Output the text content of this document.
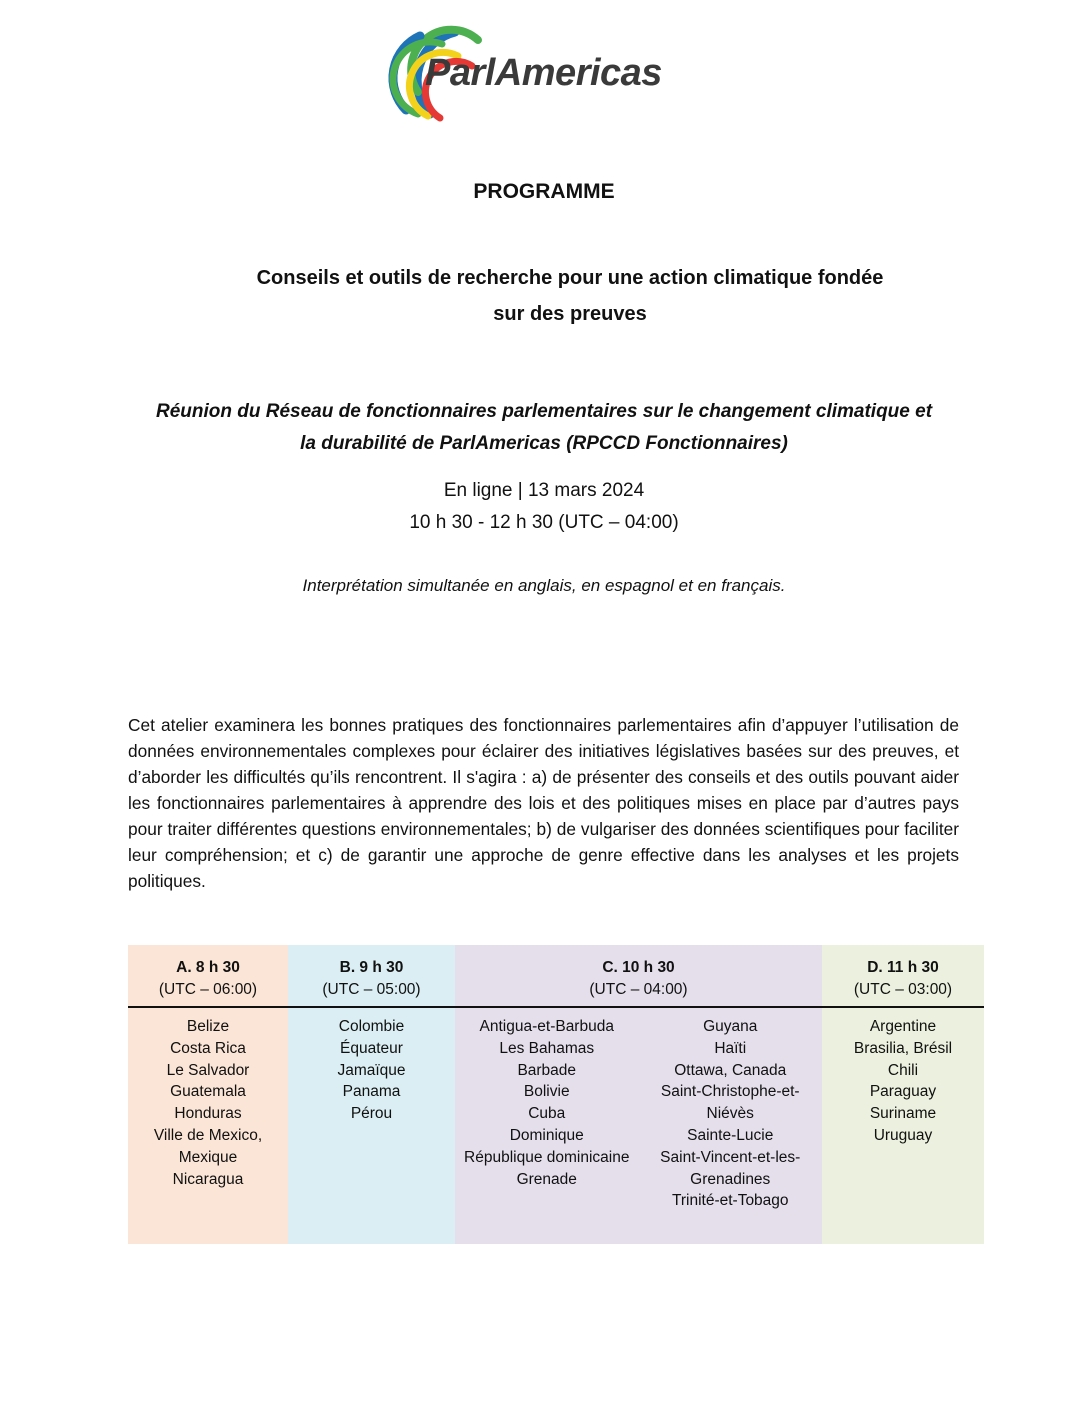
ParlAmericas
PROGRAMME
Conseils et outils de recherche pour une action climatique fondée
sur des preuves
Réunion du Réseau de fonctionnaires parlementaires sur le changement climatique et
la durabilité de ParlAmericas (RPCCD Fonctionnaires)
En ligne | 13 mars 2024
10 h 30 - 12 h 30 (UTC – 04:00)
Interprétation simultanée en anglais, en espagnol et en français.
Cet atelier examinera les bonnes pratiques des fonctionnaires parlementaires afin d’appuyer l’utilisation de données environnementales complexes pour éclairer des initiatives législatives basées sur des preuves, et d’aborder les difficultés qu’ils rencontrent. Il s'agira : a) de présenter des conseils et des outils pouvant aider les fonctionnaires parlementaires à apprendre des lois et des politiques mises en place par d’autres pays pour traiter différentes questions environnementales; b) de vulgariser des données scientifiques pour faciliter leur compréhension; et c) de garantir une approche de genre effective dans les analyses et les projets politiques.
A. 8 h 30
(UTC – 06:00)
Belize
Costa Rica
Le Salvador
Guatemala
Honduras
Ville de Mexico,
Mexique
Nicaragua
B. 9 h 30
(UTC – 05:00)
Colombie
Équateur
Jamaïque
Panama
Pérou
C. 10 h 30
(UTC – 04:00)
Antigua-et-Barbuda
Les Bahamas
Barbade
Bolivie
Cuba
Dominique
République dominicaine
Grenade
Guyana
Haïti
Ottawa, Canada
Saint-Christophe-et-
Niévès
Sainte-Lucie
Saint-Vincent-et-les-
Grenadines
Trinité-et-Tobago
D. 11 h 30
(UTC – 03:00)
Argentine
Brasilia, Brésil
Chili
Paraguay
Suriname
Uruguay
